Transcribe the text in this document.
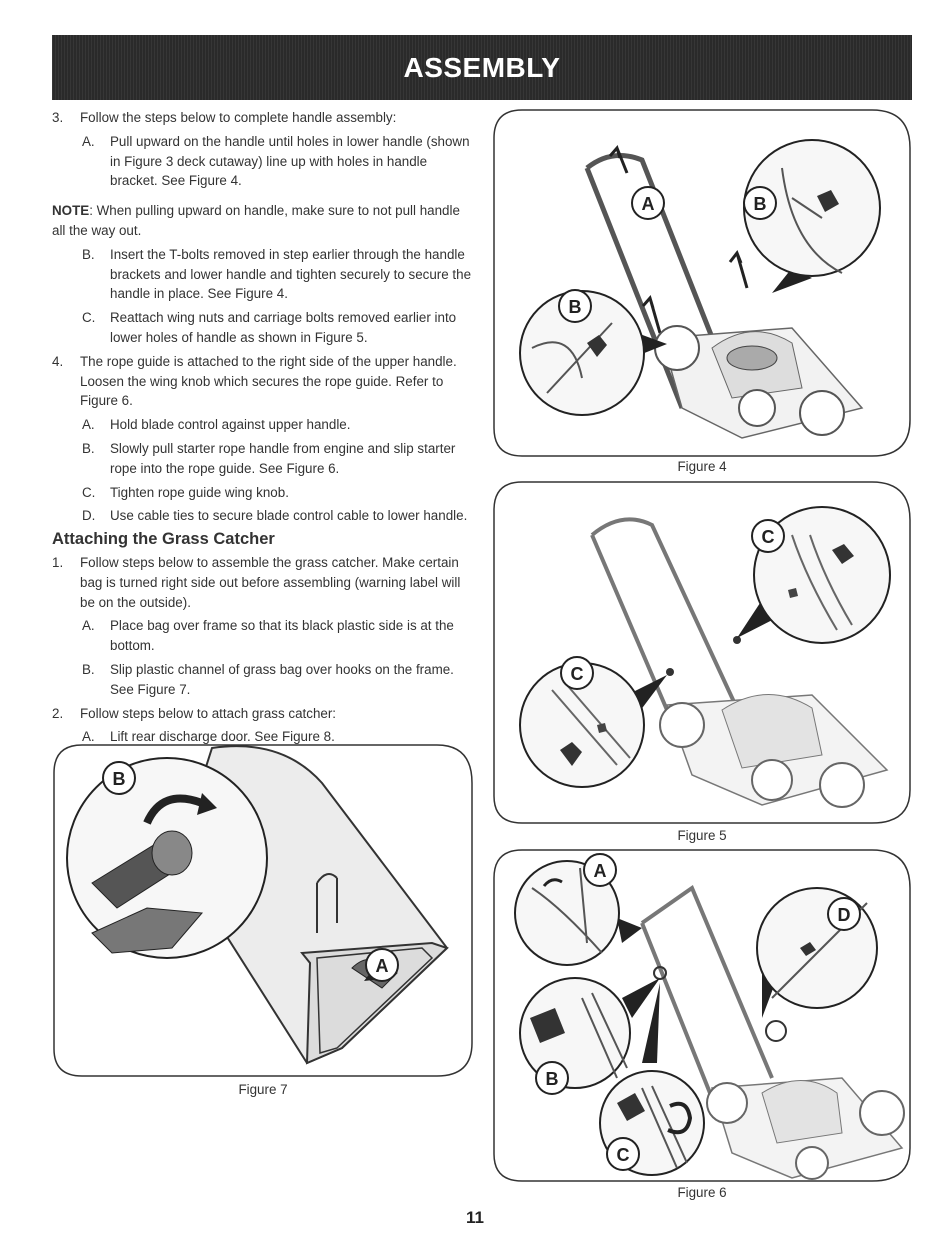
ASSEMBLY
3. Follow the steps below to complete handle assembly:
A. Pull upward on the handle until holes in lower handle (shown in Figure 3 deck cutaway) line up with holes in handle bracket. See Figure 4.
NOTE: When pulling upward on handle, make sure to not pull handle all the way out.
B. Insert the T-bolts removed in step earlier through the handle brackets and lower handle and tighten securely to secure the handle in place. See Figure 4.
C. Reattach wing nuts and carriage bolts removed earlier into lower holes of handle as shown in Figure 5.
4. The rope guide is attached to the right side of the upper handle. Loosen the wing knob which secures the rope guide. Refer to Figure 6.
A. Hold blade control against upper handle.
B. Slowly pull starter rope handle from engine and slip starter rope into the rope guide. See Figure 6.
C. Tighten rope guide wing knob.
D. Use cable ties to secure blade control cable to lower handle.
Attaching the Grass Catcher
1. Follow steps below to assemble the grass catcher. Make certain bag is turned right side out before assembling (warning label will be on the outside).
A. Place bag over frame so that its black plastic side is at the bottom.
B. Slip plastic channel of grass bag over hooks on the frame. See Figure 7.
2. Follow steps below to attach grass catcher:
A. Lift rear discharge door. See Figure 8.
A	B
B
Figure 4
C
C
Figure 5
A
D
B
C
Figure 6
B
A
Figure 7
11
